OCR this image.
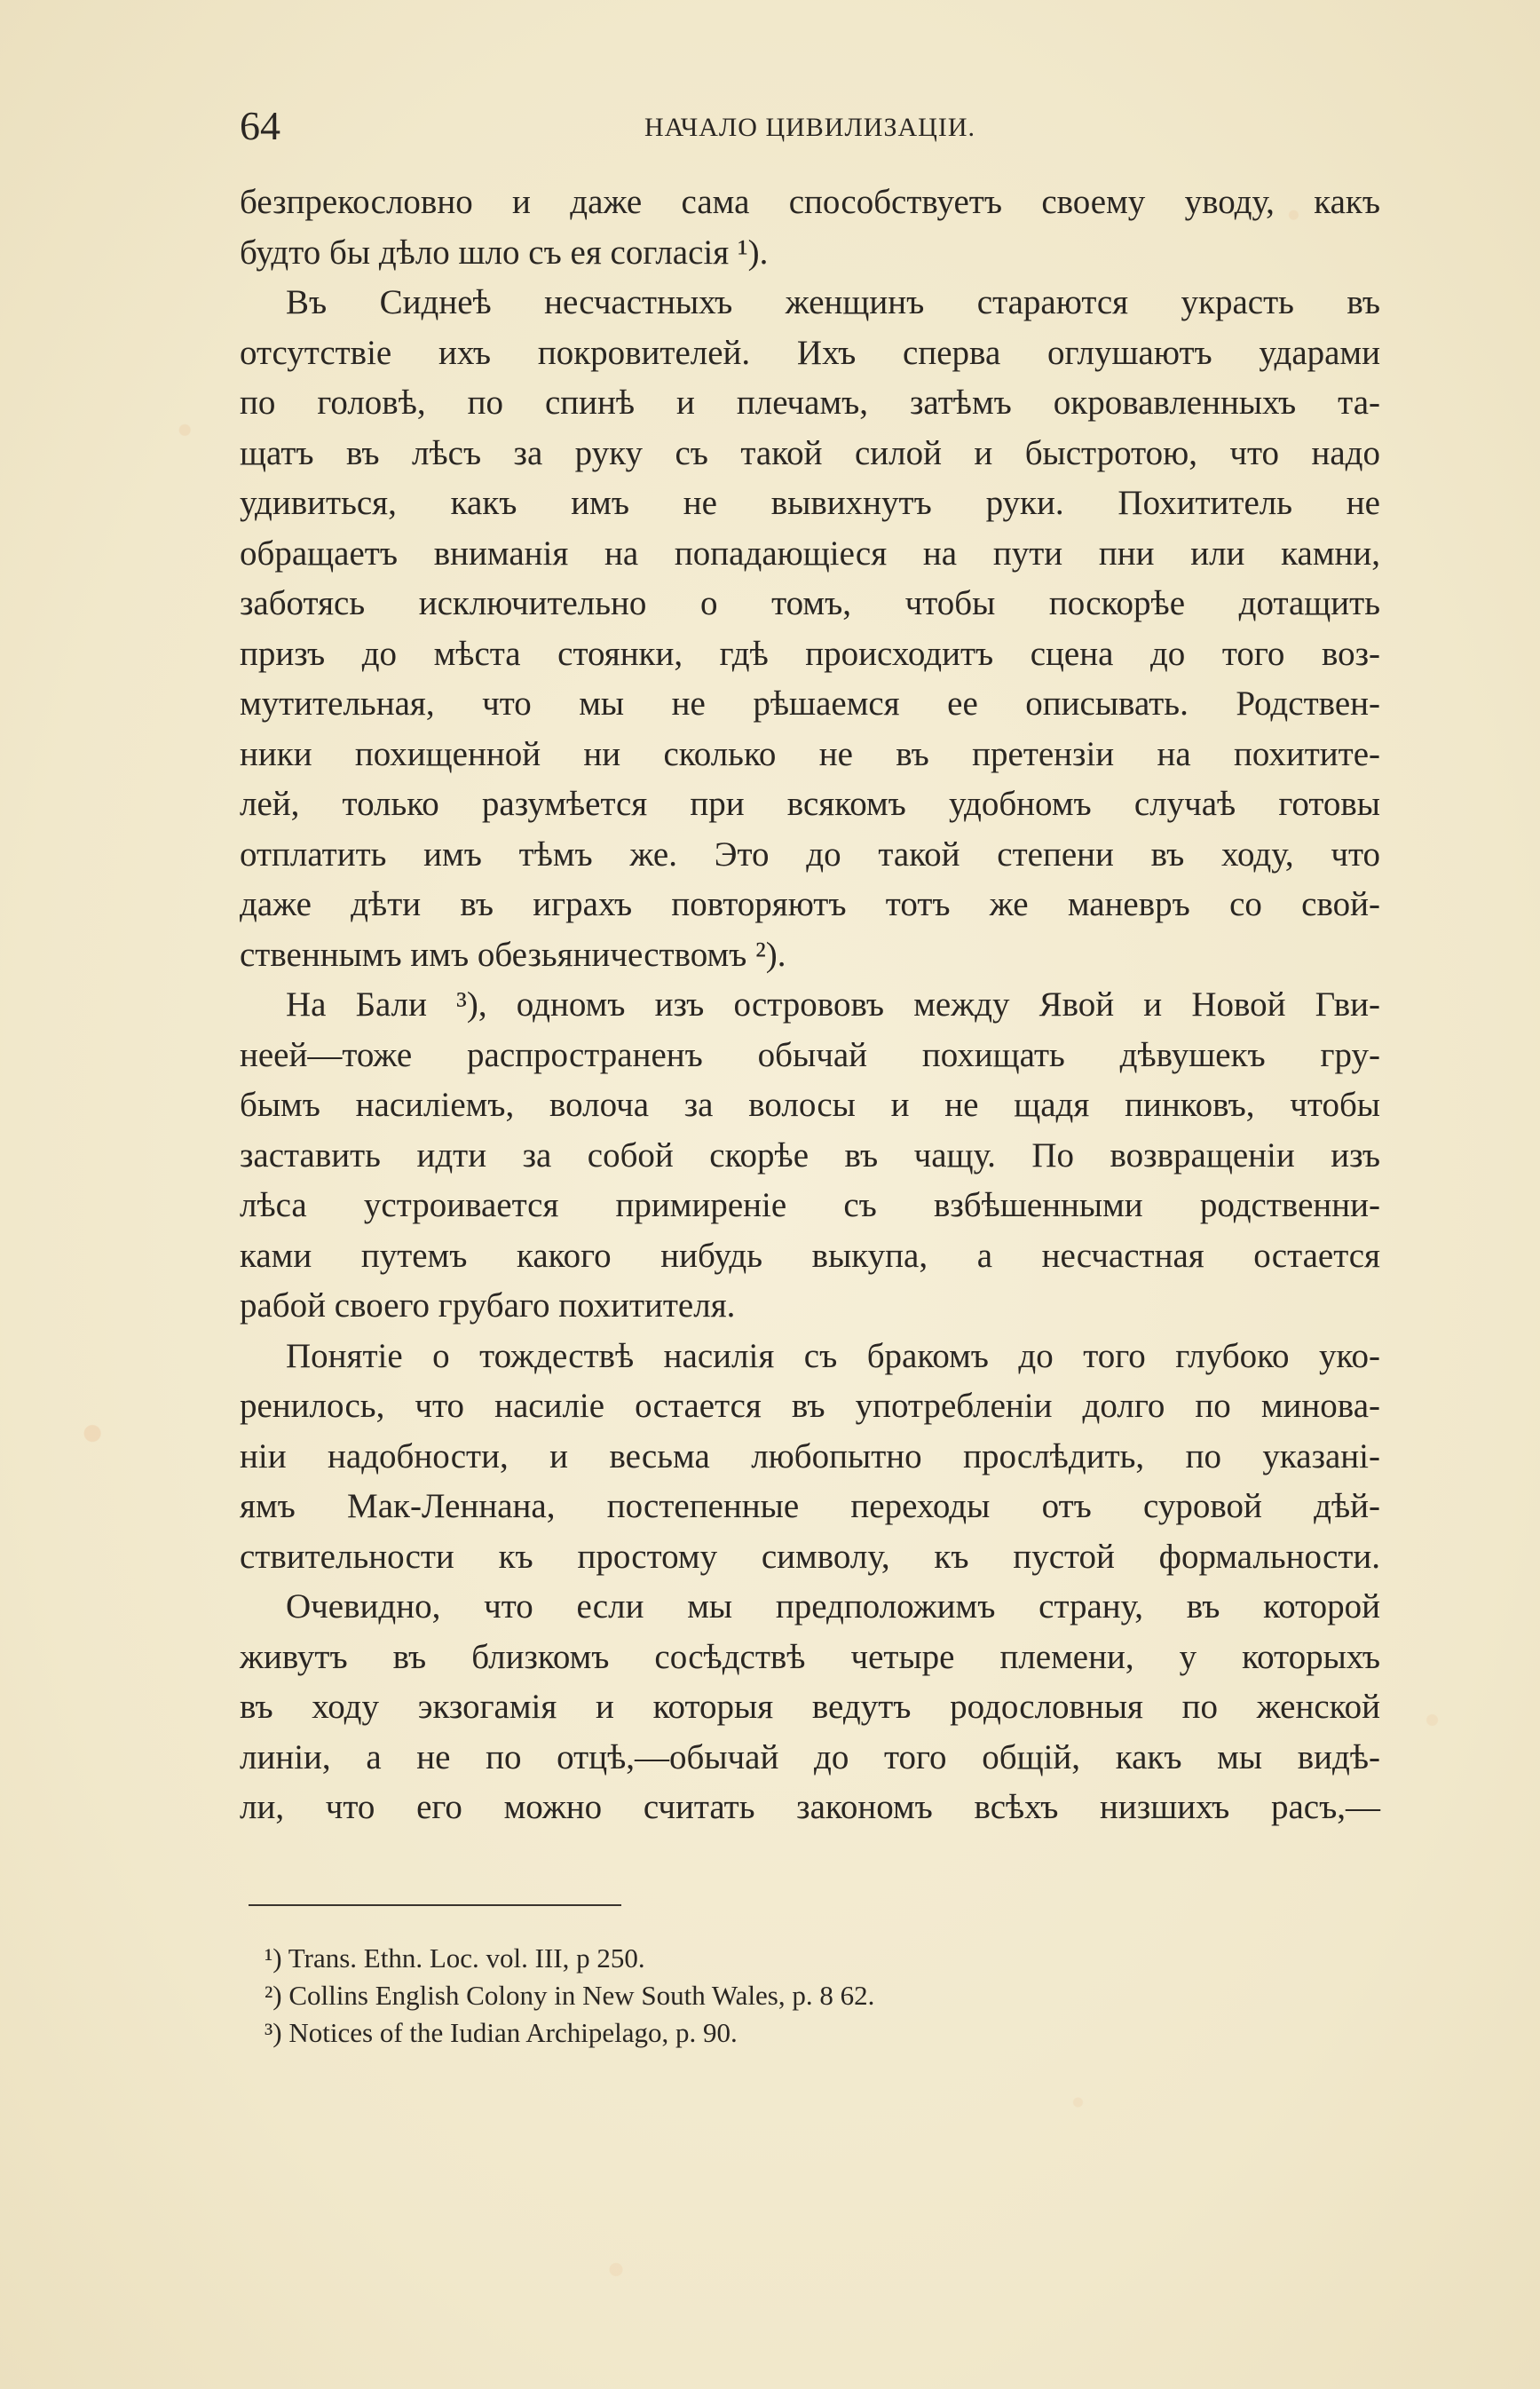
64	НАЧАЛО ЦИВИЛИЗАЦІИ.

безпрекословно и даже сама способствуетъ своему уводу, какъ
будто бы дѣло шло съ ея согласія ¹).

Въ Сиднеѣ несчастныхъ женщинъ стараются украсть въ
отсутствіе ихъ покровителей. Ихъ сперва оглушаютъ ударами
по головѣ, по спинѣ и плечамъ, затѣмъ окровавленныхъ та-
щатъ въ лѣсъ за руку съ такой силой и быстротою, что надо
удивиться, какъ имъ не вывихнутъ руки. Похититель не
обращаетъ вниманія на попадающіеся на пути пни или камни,
заботясь исключительно о томъ, чтобы поскорѣе дотащить
призъ до мѣста стоянки, гдѣ происходитъ сцена до того воз-
мутительная, что мы не рѣшаемся ее описывать. Родствен-
ники похищенной ни сколько не въ претензіи на похитите-
лей, только разумѣется при всякомъ удобномъ случаѣ готовы
отплатить имъ тѣмъ же. Это до такой степени въ ходу, что
даже дѣти въ играхъ повторяютъ тотъ же маневръ со свой-
ственнымъ имъ обезьяничествомъ ²).

На Бали ³), одномъ изъ острововъ между Явой и Новой Гви-
неей—тоже распространенъ обычай похищать дѣвушекъ гру-
бымъ насиліемъ, волоча за волосы и не щадя пинковъ, чтобы
заставить идти за собой скорѣе въ чащу. По возвращеніи изъ
лѣса устроивается примиреніе съ взбѣшенными родственни-
ками путемъ какого нибудь выкупа, а несчастная остается
рабой своего грубаго похитителя.

Понятіе о тождествѣ насилія съ бракомъ до того глубоко уко-
ренилось, что насиліе остается въ употребленіи долго по минова-
ніи надобности, и весьма любопытно прослѣдить, по указані-
ямъ Мак-Леннана, постепенные переходы отъ суровой дѣй-
ствительности къ простому символу, къ пустой формальности.

Очевидно, что если мы предположимъ страну, въ которой
живутъ въ близкомъ сосѣдствѣ четыре племени, у которыхъ
въ ходу экзогамія и которыя ведутъ родословныя по женской
линіи, а не по отцѣ,—обычай до того общій, какъ мы видѣ-
ли, что его можно считать закономъ всѣхъ низшихъ расъ,—

¹) Trans. Ethn. Loc. vol. III, p 250.
²) Collins English Colony in New South Wales, p. 8 62.
³) Notices of the Iudian Archipelago, p. 90.
